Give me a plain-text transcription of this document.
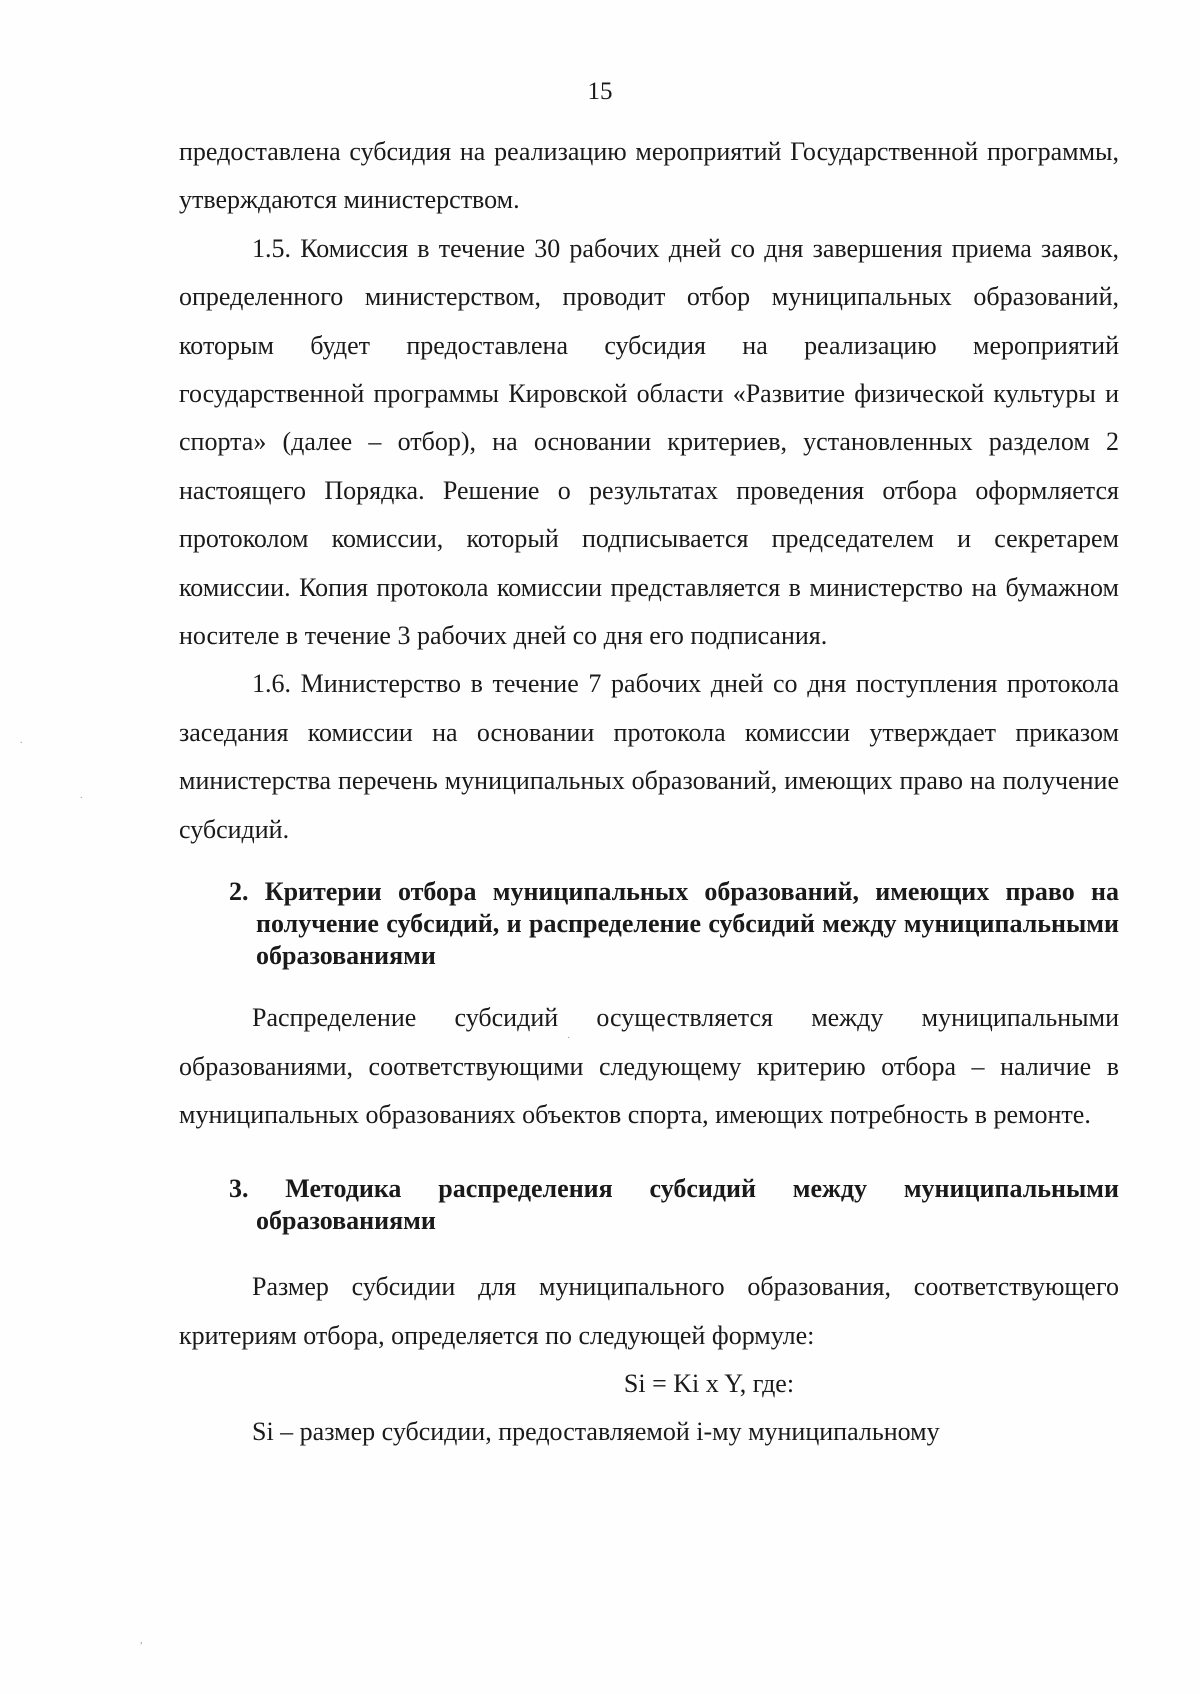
15

предоставлена субсидия на реализацию мероприятий Государственной программы, утверждаются министерством.

1.5. Комиссия в течение 30 рабочих дней со дня завершения приема заявок, определенного министерством, проводит отбор муниципальных образований, которым будет предоставлена субсидия на реализацию мероприятий государственной программы Кировской области «Развитие физической культуры и спорта» (далее – отбор), на основании критериев, установленных разделом 2 настоящего Порядка. Решение о результатах проведения отбора оформляется протоколом комиссии, который подписывается председателем и секретарем комиссии. Копия протокола комиссии представляется в министерство на бумажном носителе в течение 3 рабочих дней со дня его подписания.

1.6. Министерство в течение 7 рабочих дней со дня поступления протокола заседания комиссии на основании протокола комиссии утверждает приказом министерства перечень муниципальных образований, имеющих право на получение субсидий.

2. Критерии отбора муниципальных образований, имеющих право на получение субсидий, и распределение субсидий между муниципальными образованиями

Распределение субсидий осуществляется между муниципальными образованиями, соответствующими следующему критерию отбора – наличие в муниципальных образованиях объектов спорта, имеющих потребность в ремонте.

3. Методика распределения субсидий между муниципальными образованиями

Размер субсидии для муниципального образования, соответствующего критериям отбора, определяется по следующей формуле:

Si = Ki x Y, где:

Si – размер субсидии, предоставляемой i-му муниципальному

.
.
,
·
